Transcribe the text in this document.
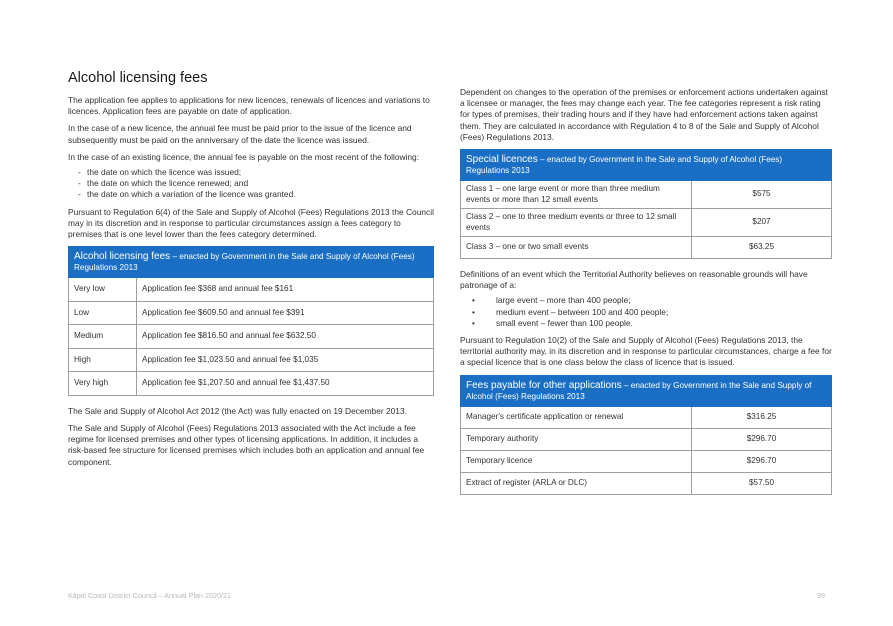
Alcohol licensing fees

The application fee applies to applications for new licences, renewals of licences and variations to licences. Application fees are payable on date of application.

In the case of a new licence, the annual fee must be paid prior to the issue of the licence and subsequently must be paid on the anniversary of the date the licence was issued.

In the case of an existing licence, the annual fee is payable on the most recent of the following:

- the date on which the licence was issued;
- the date on which the licence renewed; and
- the date on which a variation of the licence was granted.

Pursuant to Regulation 6(4) of the Sale and Supply of Alcohol (Fees) Regulations 2013 the Council may in its discretion and in response to particular circumstances assign a fees category to premises that is one level lower than the fees category determined.

Alcohol licensing fees – enacted by Government in the Sale and Supply of Alcohol (Fees) Regulations 2013	
Very low	Application fee $368 and annual fee $161
Low	Application fee $609.50 and annual fee $391
Medium	Application fee $816.50 and annual fee $632.50
High	Application fee $1,023.50 and annual fee $1,035
Very high	Application fee $1,207.50 and annual fee $1,437.50

The Sale and Supply of Alcohol Act 2012 (the Act) was fully enacted on 19 December 2013.

The Sale and Supply of Alcohol (Fees) Regulations 2013 associated with the Act include a fee regime for licensed premises and other types of licensing applications. In addition, it includes a risk-based fee structure for licensed premises which includes both an application and annual fee component.

Dependent on changes to the operation of the premises or enforcement actions undertaken against a licensee or manager, the fees may change each year. The fee categories represent a risk rating for types of premises, their trading hours and if they have had enforcement actions taken against them. They are calculated in accordance with Regulation 4 to 8 of the Sale and Supply of Alcohol (Fees) Regulations 2013.

Special licences – enacted by Government in the Sale and Supply of Alcohol (Fees) Regulations 2013	
Class 1 – one large event or more than three medium events or more than 12 small events	$575
Class 2 – one to three medium events or three to 12 small events	$207
Class 3 – one or two small events	$63.25

Definitions of an event which the Territorial Authority believes on reasonable grounds will have patronage of a:

• large event – more than 400 people;
• medium event – between 100 and 400 people;
• small event – fewer than 100 people.

Pursuant to Regulation 10(2) of the Sale and Supply of Alcohol (Fees) Regulations 2013, the territorial authority may, in its discretion and in response to particular circumstances, charge a fee for a special licence that is one class below the class of licence that is issued.

Fees payable for other applications – enacted by Government in the Sale and Supply of Alcohol (Fees) Regulations 2013	
Manager's certificate application or renewal	$316.25
Temporary authority	$296.70
Temporary licence	$296.70
Extract of register (ARLA or DLC)	$57.50
Kāpiti Coast District Council – Annual Plan 2020/21	99
